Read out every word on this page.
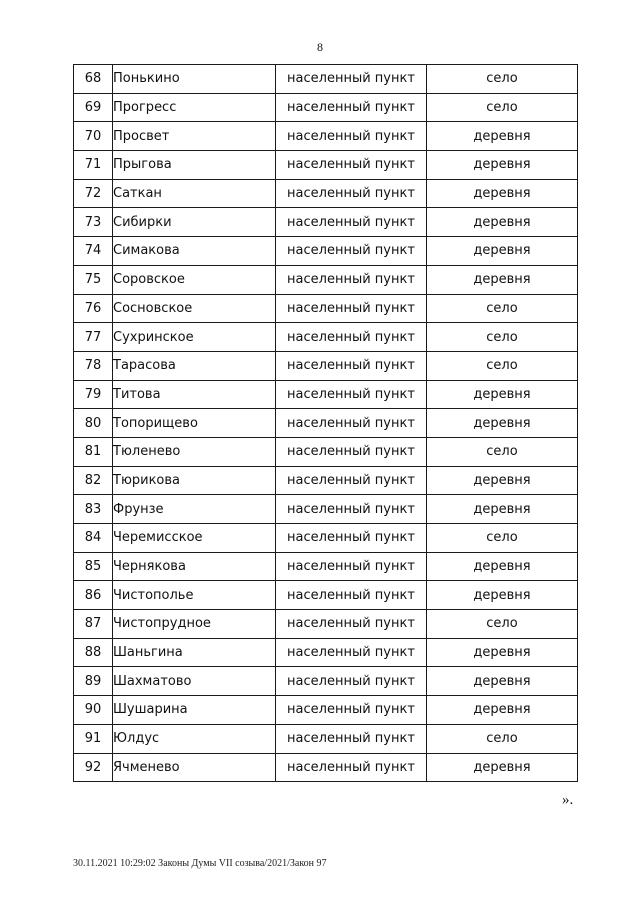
8
68	Понькино	населенный пункт	село
69	Прогресс	населенный пункт	село
70	Просвет	населенный пункт	деревня
71	Прыгова	населенный пункт	деревня
72	Саткан	населенный пункт	деревня
73	Сибирки	населенный пункт	деревня
74	Симакова	населенный пункт	деревня
75	Соровское	населенный пункт	деревня
76	Сосновское	населенный пункт	село
77	Сухринское	населенный пункт	село
78	Тарасова	населенный пункт	село
79	Титова	населенный пункт	деревня
80	Топорищево	населенный пункт	деревня
81	Тюленево	населенный пункт	село
82	Тюрикова	населенный пункт	деревня
83	Фрунзе	населенный пункт	деревня
84	Черемисское	населенный пункт	село
85	Чернякова	населенный пункт	деревня
86	Чистополье	населенный пункт	деревня
87	Чистопрудное	населенный пункт	село
88	Шаньгина	населенный пункт	деревня
89	Шахматово	населенный пункт	деревня
90	Шушарина	населенный пункт	деревня
91	Юлдус	населенный пункт	село
92	Ячменево	населенный пункт	деревня
».
30.11.2021 10:29:02 Законы Думы VII созыва/2021/Закон 97
